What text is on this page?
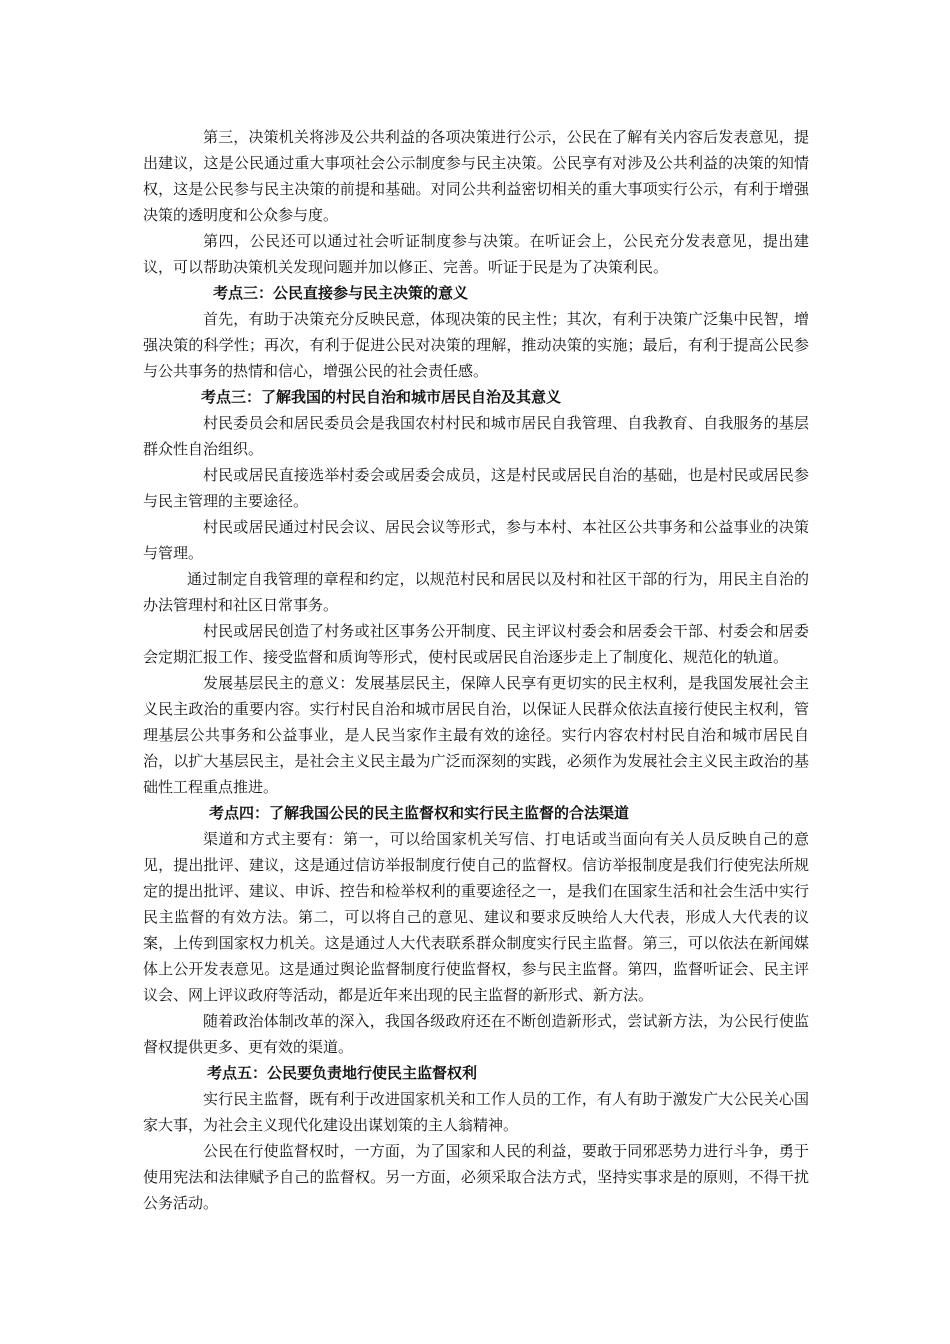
第三，决策机关将涉及公共利益的各项决策进行公示，公民在了解有关内容后发表意见，提出建议，这是公民通过重大事项社会公示制度参与民主决策。公民享有对涉及公共利益的决策的知情权，这是公民参与民主决策的前提和基础。对同公共利益密切相关的重大事项实行公示，有利于增强决策的透明度和公众参与度。

第四，公民还可以通过社会听证制度参与决策。在听证会上，公民充分发表意见，提出建议，可以帮助决策机关发现问题并加以修正、完善。听证于民是为了决策利民。

考点三：公民直接参与民主决策的意义

首先，有助于决策充分反映民意，体现决策的民主性；其次，有利于决策广泛集中民智，增强决策的科学性；再次，有利于促进公民对决策的理解，推动决策的实施；最后，有利于提高公民参与公共事务的热情和信心，增强公民的社会责任感。

考点三：了解我国的村民自治和城市居民自治及其意义

村民委员会和居民委员会是我国农村村民和城市居民自我管理、自我教育、自我服务的基层群众性自治组织。

村民或居民直接选举村委会或居委会成员，这是村民或居民自治的基础，也是村民或居民参与民主管理的主要途径。

村民或居民通过村民会议、居民会议等形式，参与本村、本社区公共事务和公益事业的决策与管理。

通过制定自我管理的章程和约定，以规范村民和居民以及村和社区干部的行为，用民主自治的办法管理村和社区日常事务。

村民或居民创造了村务或社区事务公开制度、民主评议村委会和居委会干部、村委会和居委会定期汇报工作、接受监督和质询等形式，使村民或居民自治逐步走上了制度化、规范化的轨道。

发展基层民主的意义：发展基层民主，保障人民享有更切实的民主权利，是我国发展社会主义民主政治的重要内容。实行村民自治和城市居民自治，以保证人民群众依法直接行使民主权利，管理基层公共事务和公益事业，是人民当家作主最有效的途径。实行内容农村村民自治和城市居民自治，以扩大基层民主，是社会主义民主最为广泛而深刻的实践，必须作为发展社会主义民主政治的基础性工程重点推进。

考点四：了解我国公民的民主监督权和实行民主监督的合法渠道

渠道和方式主要有：第一，可以给国家机关写信、打电话或当面向有关人员反映自己的意见，提出批评、建议，这是通过信访举报制度行使自己的监督权。信访举报制度是我们行使宪法所规定的提出批评、建议、申诉、控告和检举权利的重要途径之一，是我们在国家生活和社会生活中实行民主监督的有效方法。第二，可以将自己的意见、建议和要求反映给人大代表，形成人大代表的议案，上传到国家权力机关。这是通过人大代表联系群众制度实行民主监督。第三，可以依法在新闻媒体上公开发表意见。这是通过舆论监督制度行使监督权，参与民主监督。第四，监督听证会、民主评议会、网上评议政府等活动，都是近年来出现的民主监督的新形式、新方法。

随着政治体制改革的深入，我国各级政府还在不断创造新形式，尝试新方法，为公民行使监督权提供更多、更有效的渠道。

考点五：公民要负责地行使民主监督权利

实行民主监督，既有利于改进国家机关和工作人员的工作，有人有助于激发广大公民关心国家大事，为社会主义现代化建设出谋划策的主人翁精神。

公民在行使监督权时，一方面，为了国家和人民的利益，要敢于同邪恶势力进行斗争，勇于使用宪法和法律赋予自己的监督权。另一方面，必须采取合法方式，坚持实事求是的原则，不得干扰公务活动。
